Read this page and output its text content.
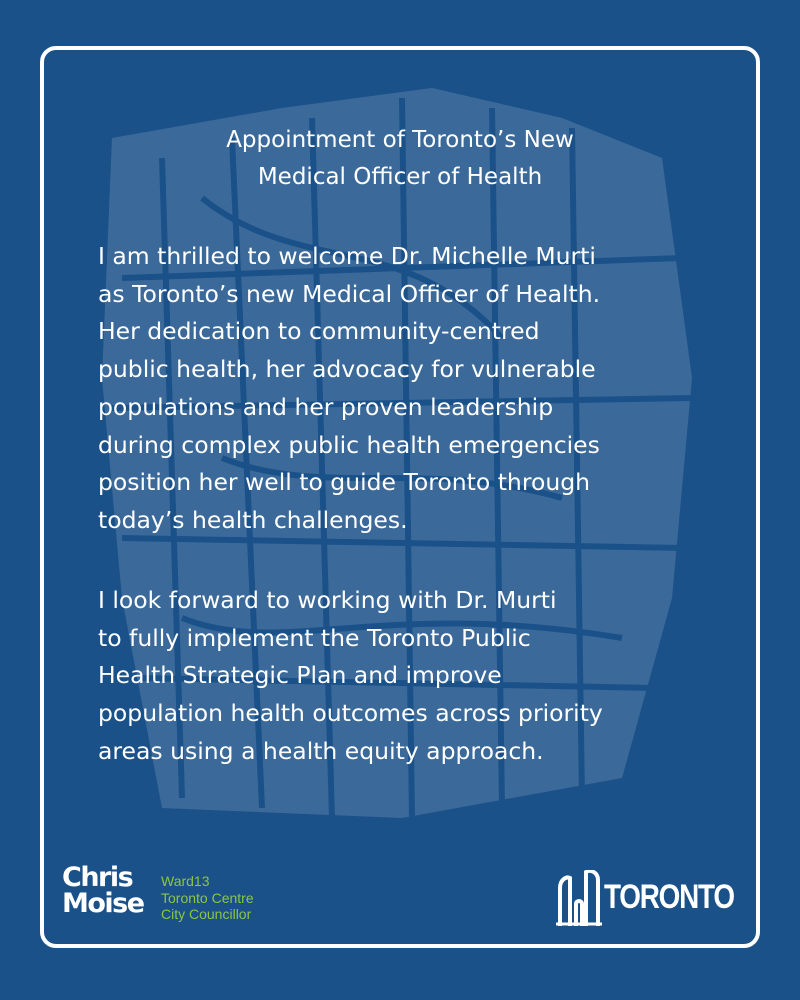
Appointment of Toronto’s New
Medical Officer of Health
I am thrilled to welcome Dr. Michelle Murti
as Toronto’s new Medical Officer of Health.
Her dedication to community-centred
public health, her advocacy for vulnerable
populations and her proven leadership
during complex public health emergencies
position her well to guide Toronto through
today’s health challenges.
I look forward to working with Dr. Murti
to fully implement the Toronto Public
Health Strategic Plan and improve
population health outcomes across priority
areas using a health equity approach.
Chris
Moise
Ward13
Toronto Centre
City Councillor	TORONTO
